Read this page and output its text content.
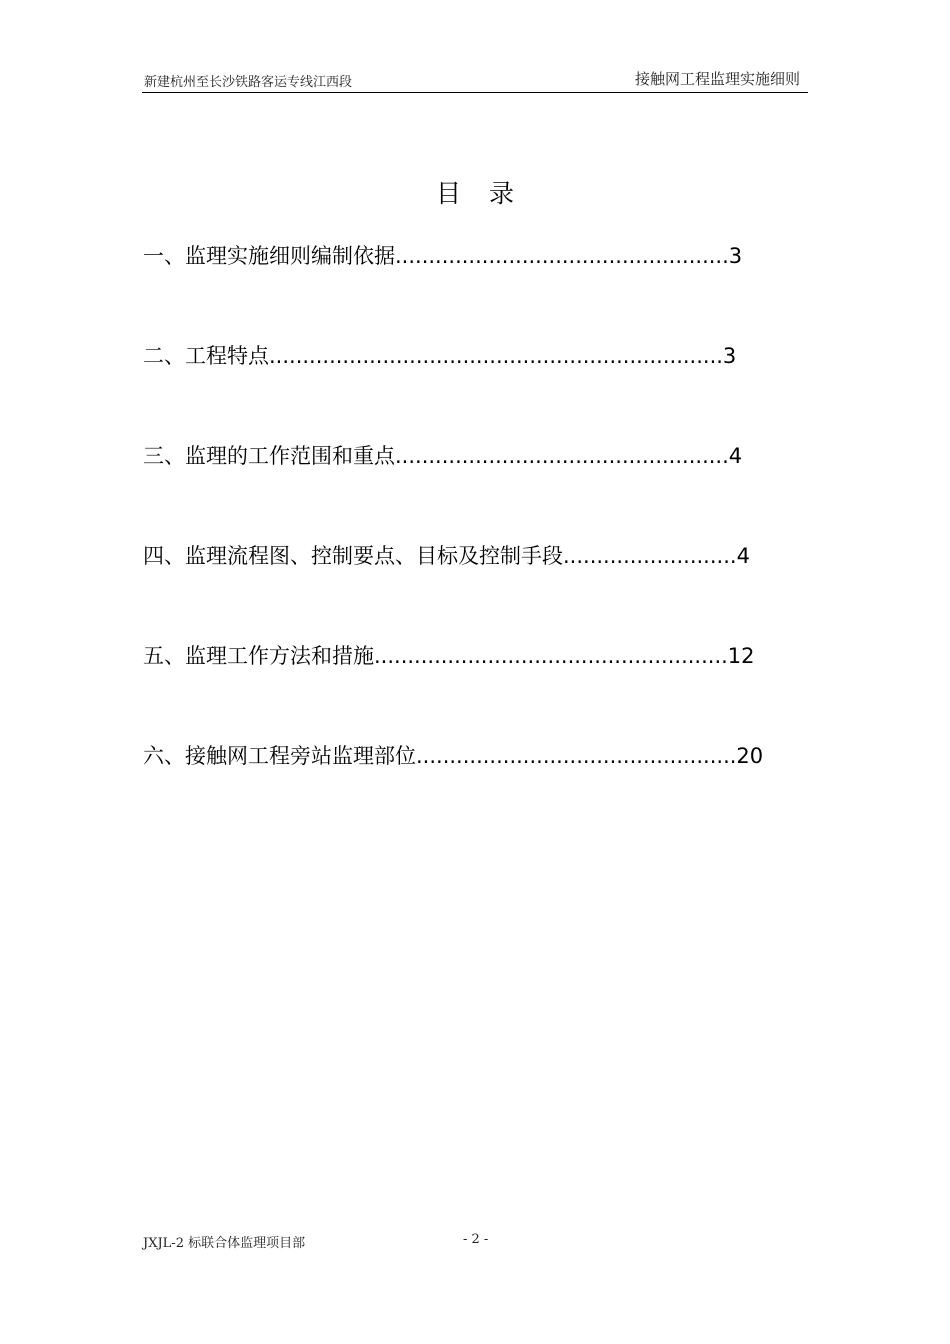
新建杭州至长沙铁路客运专线江西段	接触网工程监理实施细则
目录
一、监理实施细则编制依据..................................................3
二、工程特点....................................................................3
三、监理的工作范围和重点..................................................4
四、监理流程图、控制要点、目标及控制手段..........................4
五、监理工作方法和措施.....................................................12
六、接触网工程旁站监理部位................................................20
JXJL-2 标联合体监理项目部	- 2 -
